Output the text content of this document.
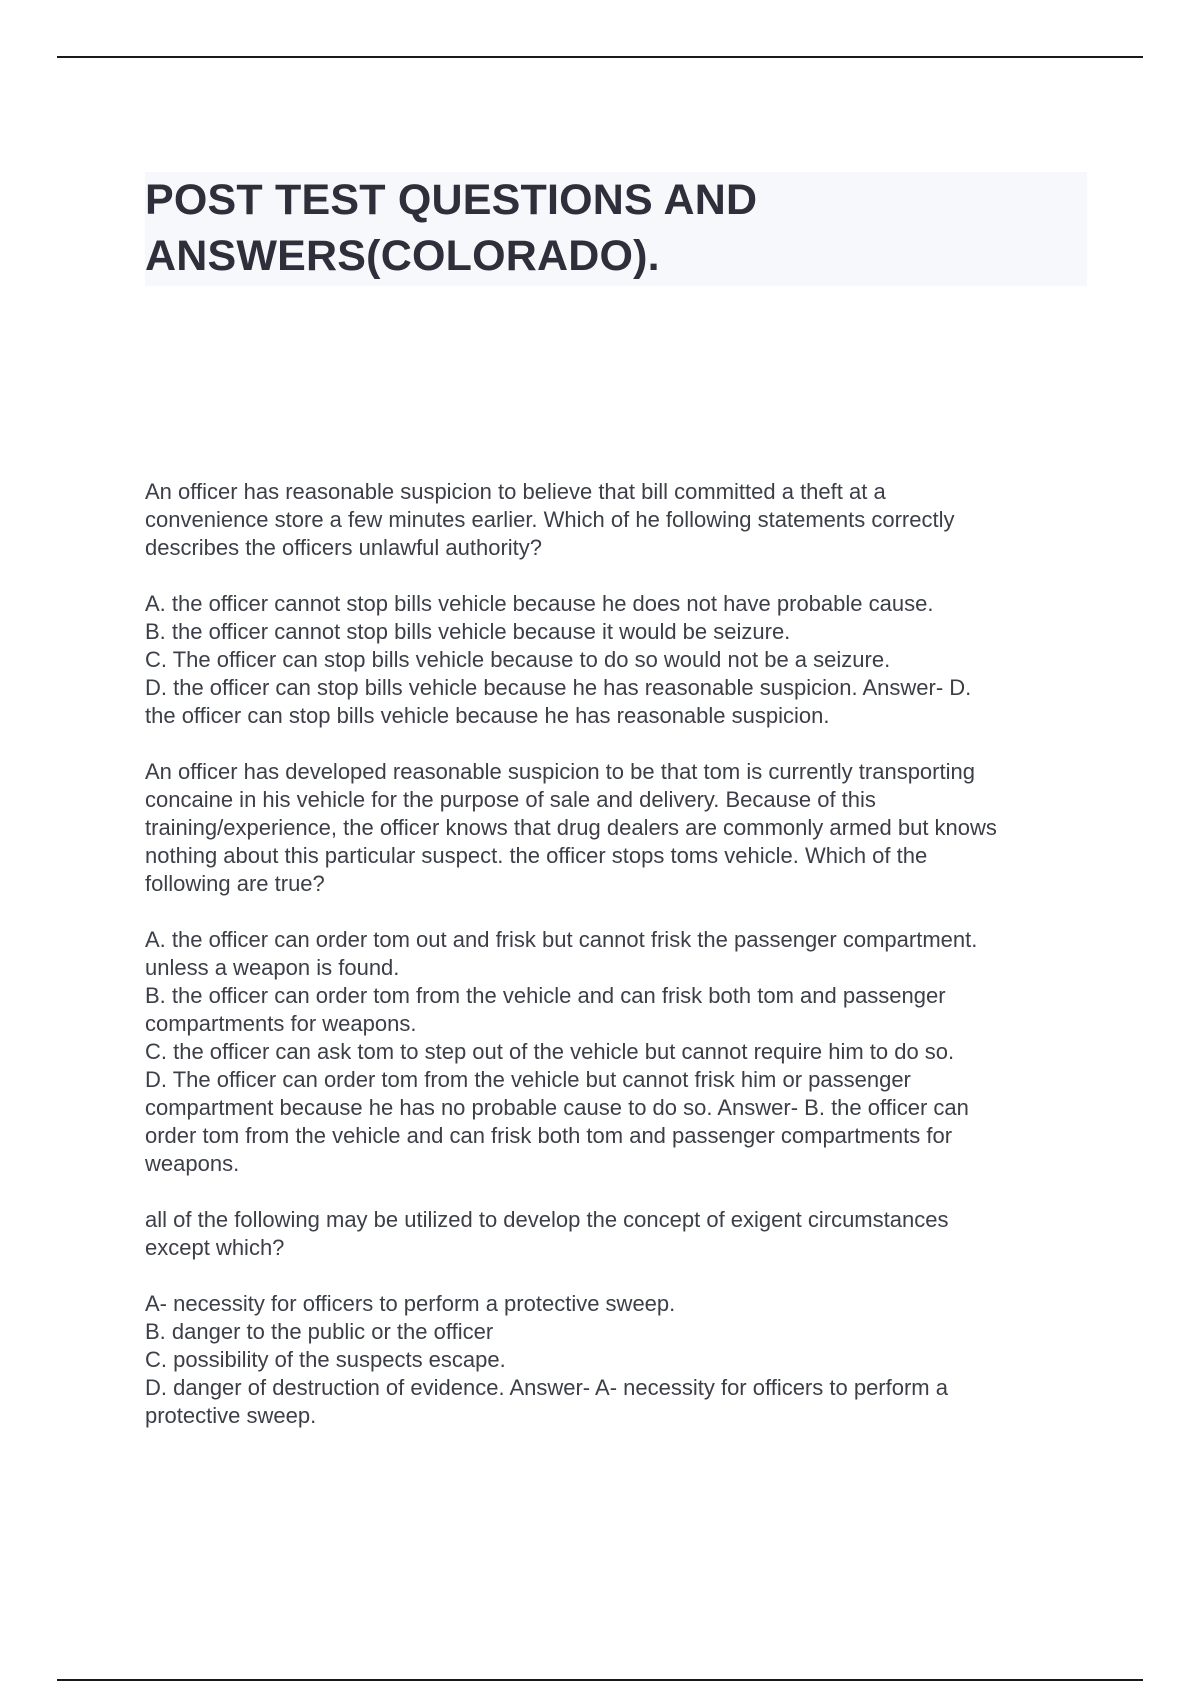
POST TEST QUESTIONS AND
ANSWERS(COLORADO).

An officer has reasonable suspicion to believe that bill committed a theft at a
convenience store a few minutes earlier. Which of he following statements correctly
describes the officers unlawful authority?

A. the officer cannot stop bills vehicle because he does not have probable cause.
B. the officer cannot stop bills vehicle because it would be seizure.
C. The officer can stop bills vehicle because to do so would not be a seizure.
D. the officer can stop bills vehicle because he has reasonable suspicion. Answer- D.
the officer can stop bills vehicle because he has reasonable suspicion.

An officer has developed reasonable suspicion to be that tom is currently transporting
concaine in his vehicle for the purpose of sale and delivery. Because of this
training/experience, the officer knows that drug dealers are commonly armed but knows
nothing about this particular suspect. the officer stops toms vehicle. Which of the
following are true?

A. the officer can order tom out and frisk but cannot frisk the passenger compartment.
unless a weapon is found.
B. the officer can order tom from the vehicle and can frisk both tom and passenger
compartments for weapons.
C. the officer can ask tom to step out of the vehicle but cannot require him to do so.
D. The officer can order tom from the vehicle but cannot frisk him or passenger
compartment because he has no probable cause to do so. Answer- B. the officer can
order tom from the vehicle and can frisk both tom and passenger compartments for
weapons.

all of the following may be utilized to develop the concept of exigent circumstances
except which?

A- necessity for officers to perform a protective sweep.
B. danger to the public or the officer
C. possibility of the suspects escape.
D. danger of destruction of evidence. Answer- A- necessity for officers to perform a
protective sweep.
